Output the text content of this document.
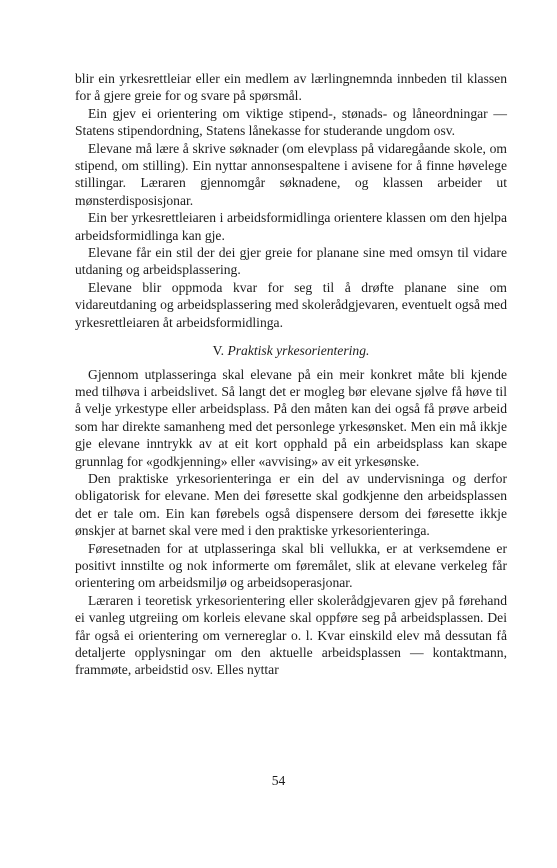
blir ein yrkesrettleiar eller ein medlem av lærlingnemnda innbeden til klassen for å gjere greie for og svare på spørsmål.

Ein gjev ei orientering om viktige stipend-, stønads- og låneordningar — Statens stipendordning, Statens lånekasse for studerande ungdom osv.

Elevane må lære å skrive søknader (om elevplass på vidaregåande skole, om stipend, om stilling). Ein nyttar annonsespaltene i avisene for å finne høvelege stillingar. Læraren gjennomgår søknadene, og klassen arbeider ut mønsterdisposisjonar.

Ein ber yrkesrettleiaren i arbeidsformidlinga orientere klassen om den hjelpa arbeidsformidlinga kan gje.

Elevane får ein stil der dei gjer greie for planane sine med omsyn til vidare utdaning og arbeidsplassering.

Elevane blir oppmoda kvar for seg til å drøfte planane sine om vidareutdaning og arbeidsplassering med skolerådgjevaren, eventuelt også med yrkesrettleiaren åt arbeidsformidlinga.

V. Praktisk yrkesorientering.

Gjennom utplasseringa skal elevane på ein meir konkret måte bli kjende med tilhøva i arbeidslivet. Så langt det er mogleg bør elevane sjølve få høve til å velje yrkestype eller arbeidsplass. På den måten kan dei også få prøve arbeid som har direkte samanheng med det personlege yrkesønsket. Men ein må ikkje gje elevane inntrykk av at eit kort opphald på ein arbeidsplass kan skape grunnlag for «godkjenning» eller «avvising» av eit yrkesønske.

Den praktiske yrkesorienteringa er ein del av undervisninga og derfor obligatorisk for elevane. Men dei føresette skal godkjenne den arbeidsplassen det er tale om. Ein kan førebels også dispensere dersom dei føresette ikkje ønskjer at barnet skal vere med i den praktiske yrkesorienteringa.

Føresetnaden for at utplasseringa skal bli vellukka, er at verksemdene er positivt innstilte og nok informerte om føremålet, slik at elevane verkeleg får orientering om arbeidsmiljø og arbeidsoperasjonar.

Læraren i teoretisk yrkesorientering eller skolerådgjevaren gjev på førehand ei vanleg utgreiing om korleis elevane skal oppføre seg på arbeidsplassen. Dei får også ei orientering om vernereglar o. l. Kvar einskild elev må dessutan få detaljerte opplysningar om den aktuelle arbeidsplassen — kontaktmann, frammøte, arbeidstid osv. Elles nyttar

54
